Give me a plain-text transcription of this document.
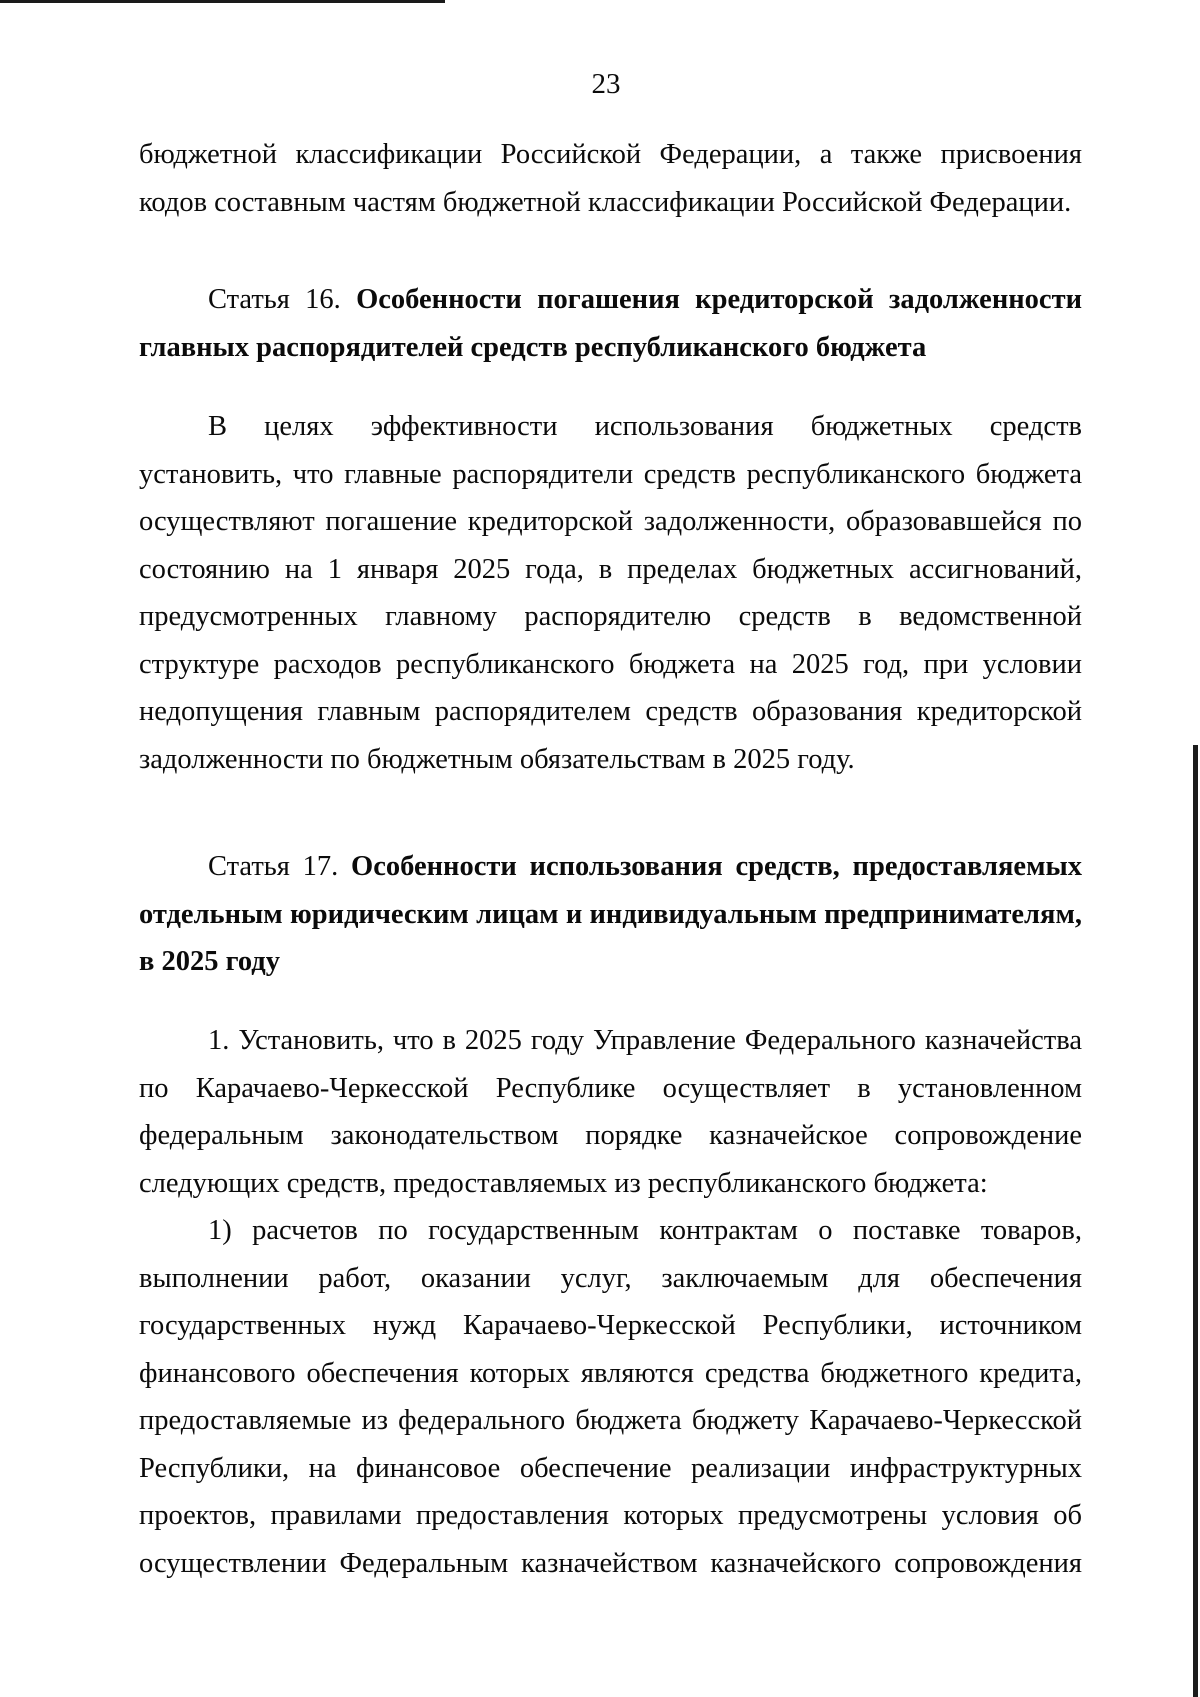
23

бюджетной классификации Российской Федерации, а также присвоения

кодов составным частям бюджетной классификации Российской Федерации.

Статья 16. Особенности погашения кредиторской задолженности

главных распорядителей средств республиканского бюджета

В целях эффективности использования бюджетных средств

установить, что главные распорядители средств республиканского бюджета

осуществляют погашение кредиторской задолженности, образовавшейся по

состоянию на 1 января 2025 года, в пределах бюджетных ассигнований,

предусмотренных главному распорядителю средств в ведомственной

структуре расходов республиканского бюджета на 2025 год, при условии

недопущения главным распорядителем средств образования кредиторской

задолженности по бюджетным обязательствам в 2025 году.

Статья 17. Особенности использования средств, предоставляемых

отдельным юридическим лицам и индивидуальным предпринимателям,

в 2025 году

1. Установить, что в 2025 году Управление Федерального казначейства

по Карачаево-Черкесской Республике осуществляет в установленном

федеральным законодательством порядке казначейское сопровождение

следующих средств, предоставляемых из республиканского бюджета:

1) расчетов по государственным контрактам о поставке товаров,

выполнении работ, оказании услуг, заключаемым для обеспечения

государственных нужд Карачаево-Черкесской Республики, источником

финансового обеспечения которых являются средства бюджетного кредита,

предоставляемые из федерального бюджета бюджету Карачаево-Черкесской

Республики, на финансовое обеспечение реализации инфраструктурных

проектов, правилами предоставления которых предусмотрены условия об

осуществлении Федеральным казначейством казначейского сопровождения
